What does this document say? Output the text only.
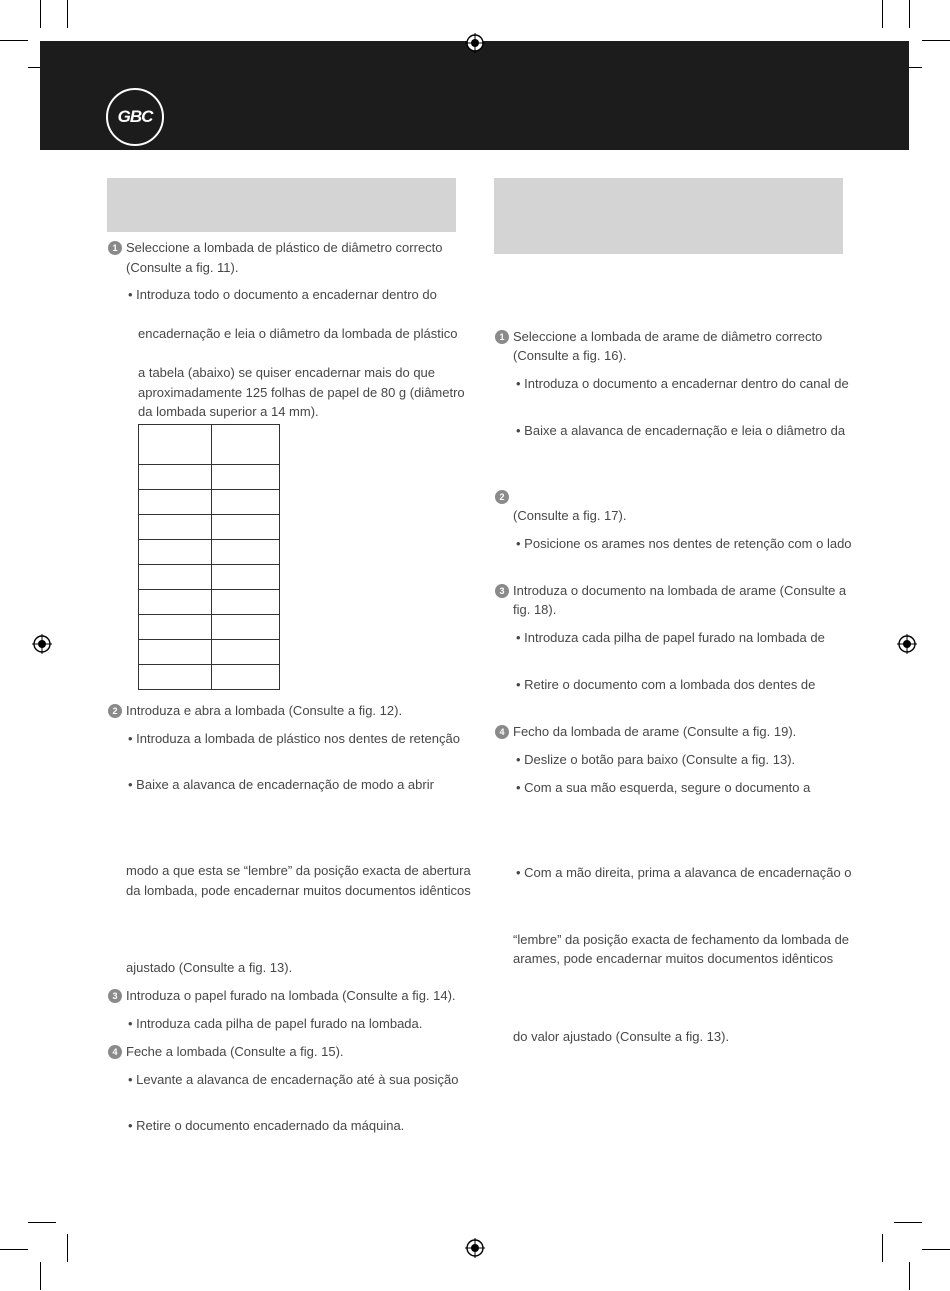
GBC
1 Seleccione a lombada de plástico de diâmetro correcto
(Consulte a fig. 11).
• Introduza todo o documento a encadernar dentro do
encadernação e leia o diâmetro da lombada de plástico
a tabela (abaixo) se quiser encadernar mais do que
aproximadamente 125 folhas de papel de 80 g (diâmetro
da lombada superior a 14 mm).

2 Introduza e abra a lombada (Consulte a fig. 12).
• Introduza a lombada de plástico nos dentes de retenção
• Baixe a alavanca de encadernação de modo a abrir
modo a que esta se “lembre” da posição exacta de abertura
da lombada, pode encadernar muitos documentos idênticos
ajustado (Consulte a fig. 13).
3 Introduza o papel furado na lombada (Consulte a fig. 14).
• Introduza cada pilha de papel furado na lombada.
4 Feche a lombada (Consulte a fig. 15).
• Levante a alavanca de encadernação até à sua posição
• Retire o documento encadernado da máquina.
1 Seleccione a lombada de arame de diâmetro correcto
(Consulte a fig. 16).
• Introduza o documento a encadernar dentro do canal de
• Baixe a alavanca de encadernação e leia o diâmetro da
2
(Consulte a fig. 17).
• Posicione os arames nos dentes de retenção com o lado
3 Introduza o documento na lombada de arame (Consulte a
fig. 18).
• Introduza cada pilha de papel furado na lombada de
• Retire o documento com a lombada dos dentes de
4 Fecho da lombada de arame (Consulte a fig. 19).
• Deslize o botão para baixo (Consulte a fig. 13).
• Com a sua mão esquerda, segure o documento a
• Com a mão direita, prima a alavanca de encadernação o
“lembre” da posição exacta de fechamento da lombada de
arames, pode encadernar muitos documentos idênticos
do valor ajustado (Consulte a fig. 13).
